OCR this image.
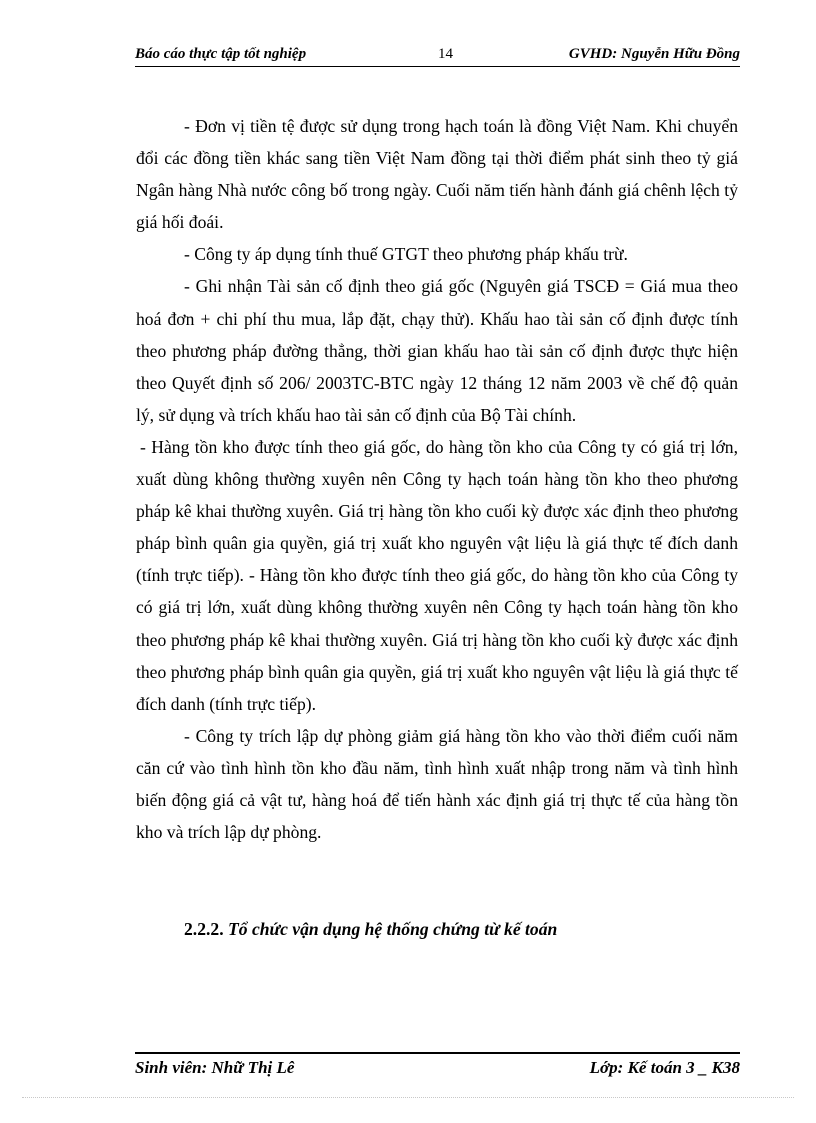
Báo cáo thực tập tốt nghiệp	14	GVHD: Nguyễn Hữu Đồng

- Đơn vị tiền tệ được sử dụng trong hạch toán là đồng Việt Nam. Khi chuyển đổi các đồng tiền khác sang tiền Việt Nam đồng tại thời điểm phát sinh theo tỷ giá Ngân hàng Nhà nước công bố trong ngày. Cuối năm tiến hành đánh giá chênh lệch tỷ giá hối đoái.

- Công ty áp dụng tính thuế GTGT theo phương pháp khấu trừ.

- Ghi nhận Tài sản cố định theo giá gốc (Nguyên giá TSCĐ = Giá mua theo hoá đơn + chi phí thu mua, lắp đặt, chạy thử). Khấu hao tài sản cố định được tính theo phương pháp đường thẳng, thời gian khấu hao tài sản cố định được thực hiện theo Quyết định số 206/ 2003TC-BTC ngày 12 tháng 12 năm 2003 về chế độ quản lý, sử dụng và trích khấu hao tài sản cố định của Bộ Tài chính.

- Hàng tồn kho được tính theo giá gốc, do hàng tồn kho của Công ty có giá trị lớn, xuất dùng không thường xuyên nên Công ty hạch toán hàng tồn kho theo phương pháp kê khai thường xuyên. Giá trị hàng tồn kho cuối kỳ được xác định theo phương pháp bình quân gia quyền, giá trị xuất kho nguyên vật liệu là giá thực tế đích danh (tính trực tiếp). - Hàng tồn kho được tính theo giá gốc, do hàng tồn kho của Công ty có giá trị lớn, xuất dùng không thường xuyên nên Công ty hạch toán hàng tồn kho theo phương pháp kê khai thường xuyên. Giá trị hàng tồn kho cuối kỳ được xác định theo phương pháp bình quân gia quyền, giá trị xuất kho nguyên vật liệu là giá thực tế đích danh (tính trực tiếp).

- Công ty trích lập dự phòng giảm giá hàng tồn kho vào thời điểm cuối năm căn cứ vào tình hình tồn kho đầu năm, tình hình xuất nhập trong năm và tình hình biến động giá cả vật tư, hàng hoá để tiến hành xác định giá trị thực tế của hàng tồn kho và trích lập dự phòng.

2.2.2. Tổ chức vận dụng hệ thống chứng từ kế toán
Sinh viên: Nhữ Thị Lê	Lớp: Kế toán 3 _ K38
